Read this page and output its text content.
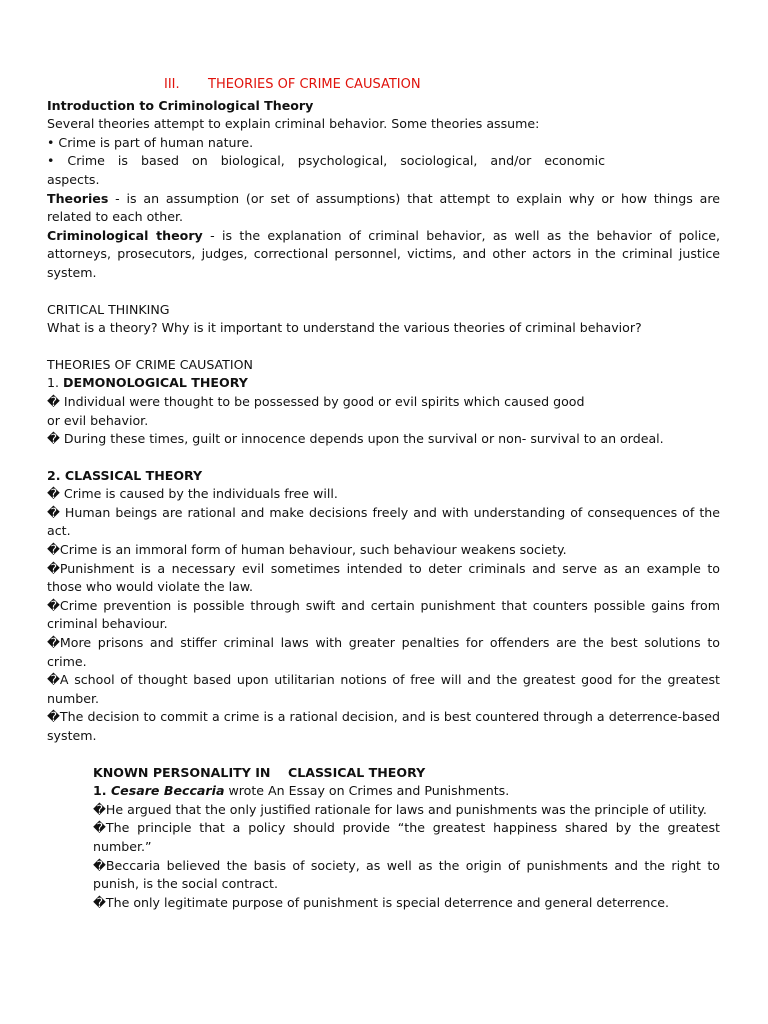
III. THEORIES OF CRIME CAUSATION
Introduction to Criminological Theory
Several theories attempt to explain criminal behavior. Some theories assume:
• Crime is part of human nature.
• Crime is based on biological, psychological, sociological, and/or economic
aspects.
Theories - is an assumption (or set of assumptions) that attempt to explain why or how things are related to each other.
Criminological theory - is the explanation of criminal behavior, as well as the behavior of police, attorneys, prosecutors, judges, correctional personnel, victims, and other actors in the criminal justice system.
CRITICAL THINKING
What is a theory? Why is it important to understand the various theories of criminal behavior?
THEORIES OF CRIME CAUSATION
1. DEMONOLOGICAL THEORY
� Individual were thought to be possessed by good or evil spirits which caused good
or evil behavior.
� During these times, guilt or innocence depends upon the survival or non- survival to an ordeal.
2. CLASSICAL THEORY
� Crime is caused by the individuals free will.
� Human beings are rational and make decisions freely and with understanding of consequences of the act.
�Crime is an immoral form of human behaviour, such behaviour weakens society.
�Punishment is a necessary evil sometimes intended to deter criminals and serve as an example to those who would violate the law.
�Crime prevention is possible through swift and certain punishment that counters possible gains from criminal behaviour.
�More prisons and stiffer criminal laws with greater penalties for offenders are the best solutions to crime.
�A school of thought based upon utilitarian notions of free will and the greatest good for the greatest number.
�The decision to commit a crime is a rational decision, and is best countered through a deterrence-based system.
KNOWN PERSONALITY IN    CLASSICAL THEORY
1. Cesare Beccaria wrote An Essay on Crimes and Punishments.
�He argued that the only justified rationale for laws and punishments was the principle of utility.
�The principle that a policy should provide “the greatest happiness shared by the greatest number.”
�Beccaria believed the basis of society, as well as the origin of punishments and the right to punish, is the social contract.
�The only legitimate purpose of punishment is special deterrence and general deterrence.
